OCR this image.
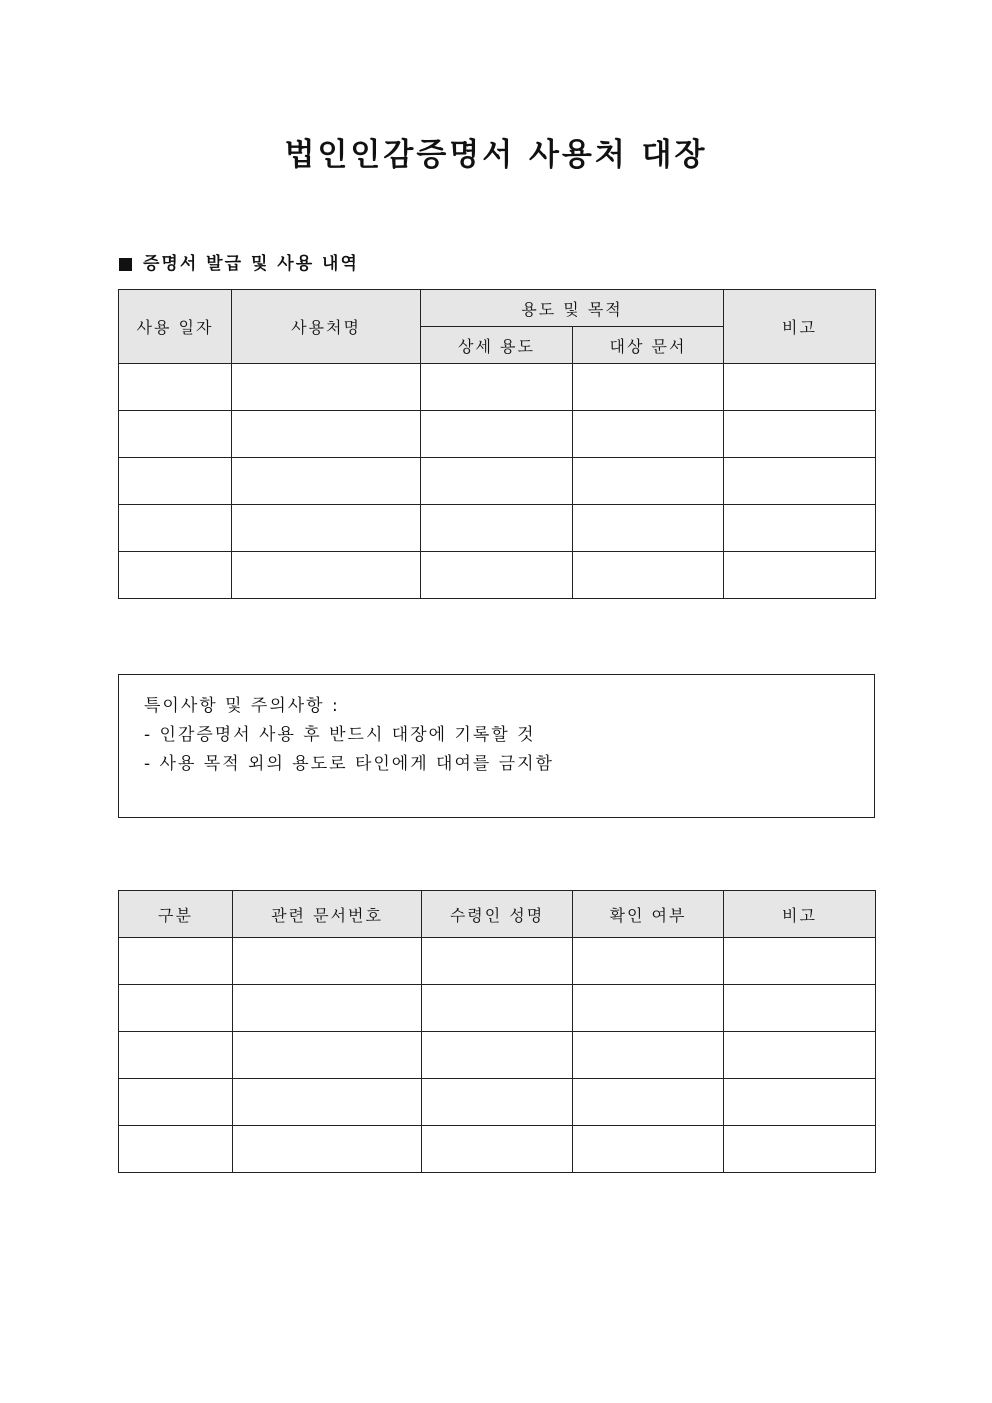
법인인감증명서 사용처 대장
증명서 발급 및 사용 내역
사용 일자	사용처명	용도 및 목적		비고
		상세 용도	대상 문서	

특이사항 및 주의사항 :
- 인감증명서 사용 후 반드시 대장에 기록할 것
- 사용 목적 외의 용도로 타인에게 대여를 금지함
구분	관련 문서번호	수령인 성명	확인 여부	비고
